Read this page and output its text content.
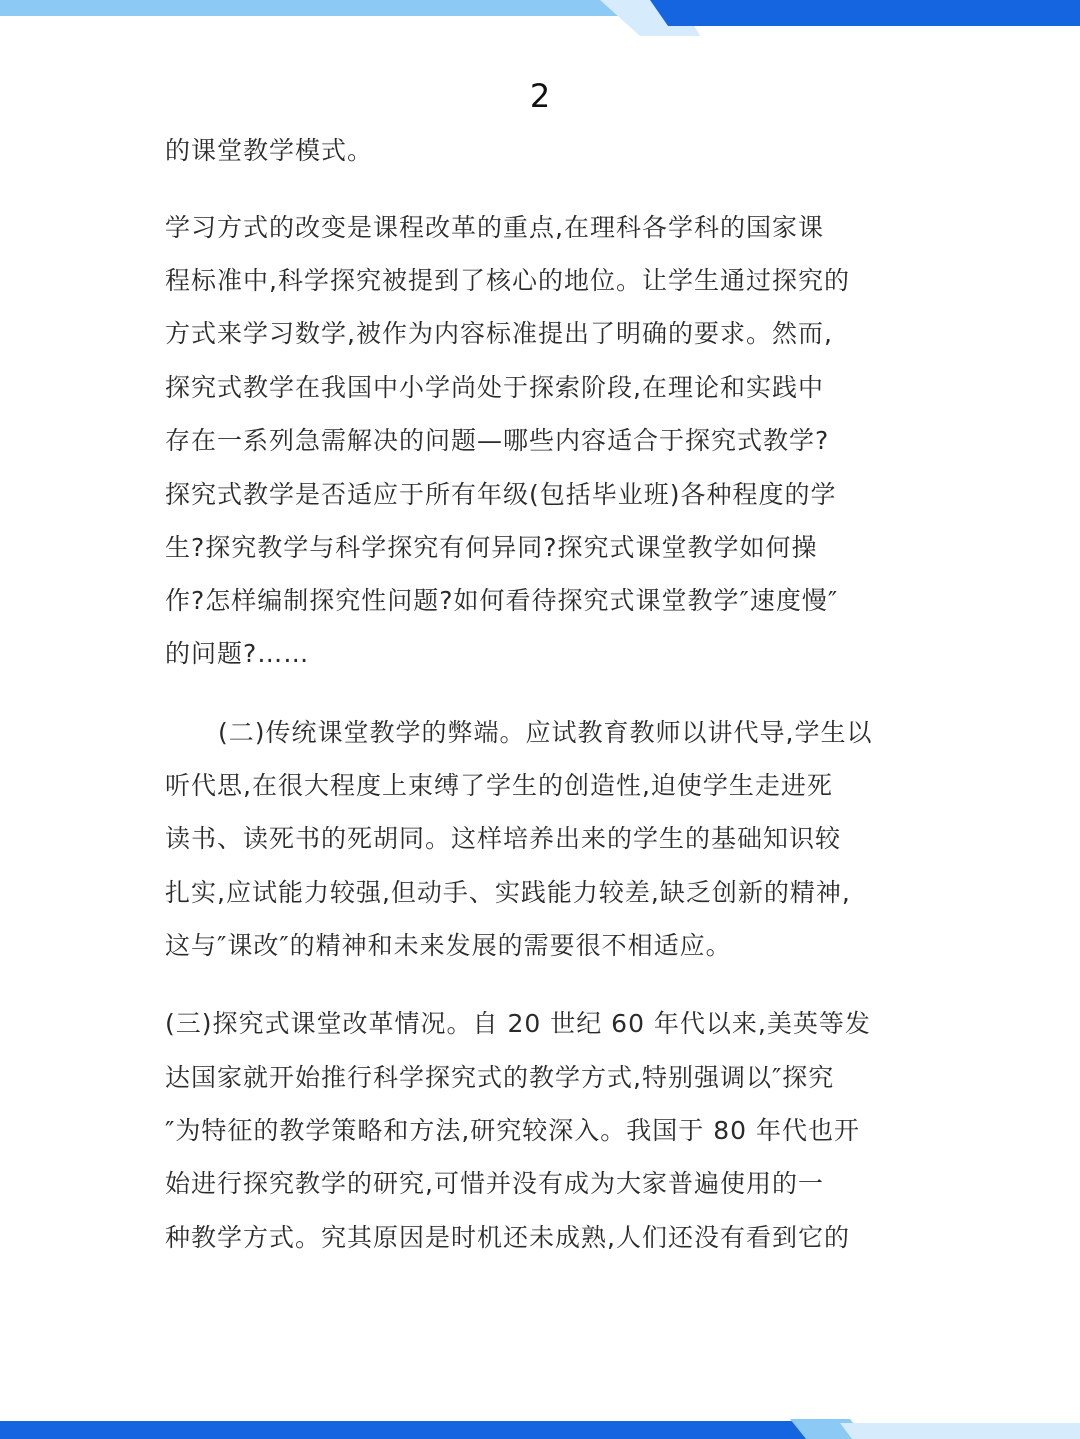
2
的课堂教学模式。
学习方式的改变是课程改革的重点,在理科各学科的国家课
程标准中,科学探究被提到了核心的地位。让学生通过探究的
方式来学习数学,被作为内容标准提出了明确的要求。然而,
探究式教学在我国中小学尚处于探索阶段,在理论和实践中
存在一系列急需解决的问题—哪些内容适合于探究式教学?
探究式教学是否适应于所有年级(包括毕业班)各种程度的学
生?探究教学与科学探究有何异同?探究式课堂教学如何操
作?怎样编制探究性问题?如何看待探究式课堂教学″速度慢″
的问题?……
(二)传统课堂教学的弊端。应试教育教师以讲代导,学生以
听代思,在很大程度上束缚了学生的创造性,迫使学生走进死
读书、读死书的死胡同。这样培养出来的学生的基础知识较
扎实,应试能力较强,但动手、实践能力较差,缺乏创新的精神,
这与″课改″的精神和未来发展的需要很不相适应。
(三)探究式课堂改革情况。自 20 世纪 60 年代以来,美英等发
达国家就开始推行科学探究式的教学方式,特别强调以″探究
″为特征的教学策略和方法,研究较深入。我国于 80 年代也开
始进行探究教学的研究,可惜并没有成为大家普遍使用的一
种教学方式。究其原因是时机还未成熟,人们还没有看到它的
